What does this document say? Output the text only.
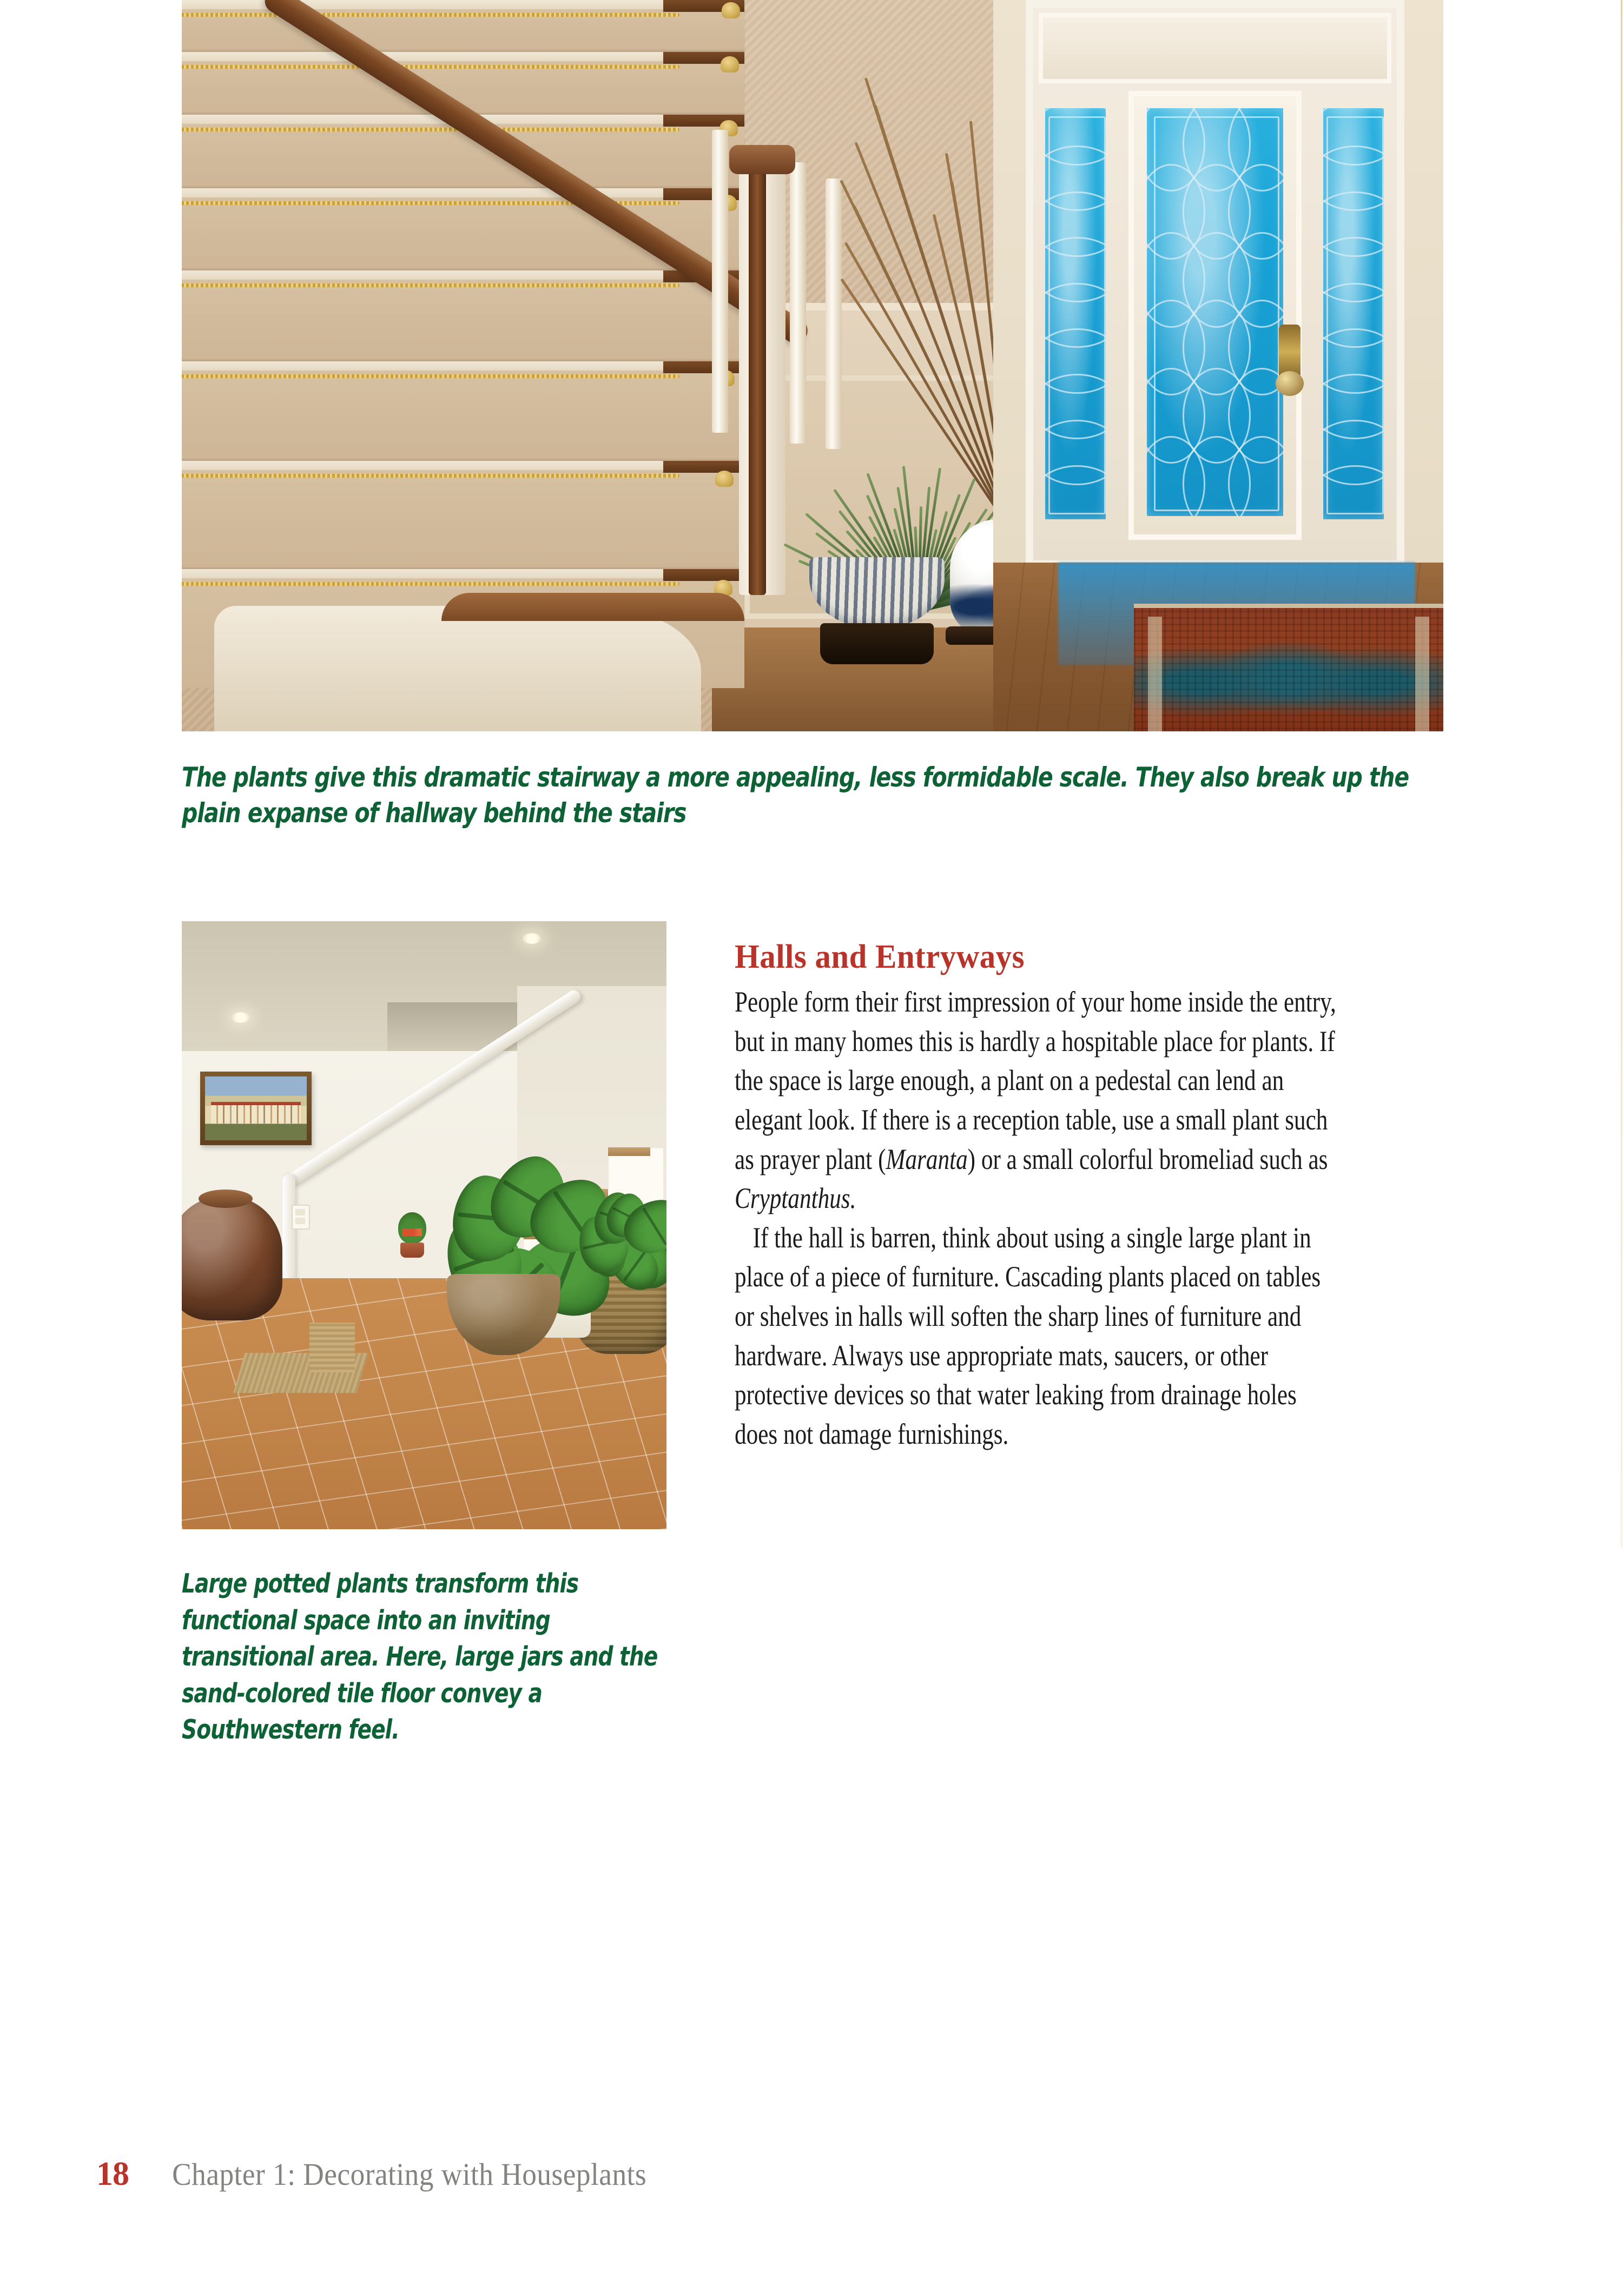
The plants give this dramatic stairway a more appealing, less formidable scale. They also break up the plain expanse of hallway behind the stairs
Large potted plants transform this functional space into an inviting transitional area. Here, large jars and the sand-colored tile floor convey a Southwestern feel.
Halls and Entryways

People form their first impression of your home inside the entry, but in many homes this is hardly a hospitable place for plants. If the space is large enough, a plant on a pedestal can lend an elegant look. If there is a reception table, use a small plant such as prayer plant (Maranta) or a small colorful bromeliad such as Cryptanthus.

If the hall is barren, think about using a single large plant in place of a piece of furniture. Cascading plants placed on tables or shelves in halls will soften the sharp lines of furniture and hardware. Always use appropriate mats, saucers, or other protective devices so that water leaking from drainage holes does not damage furnishings.

18 Chapter 1: Decorating with Houseplants
